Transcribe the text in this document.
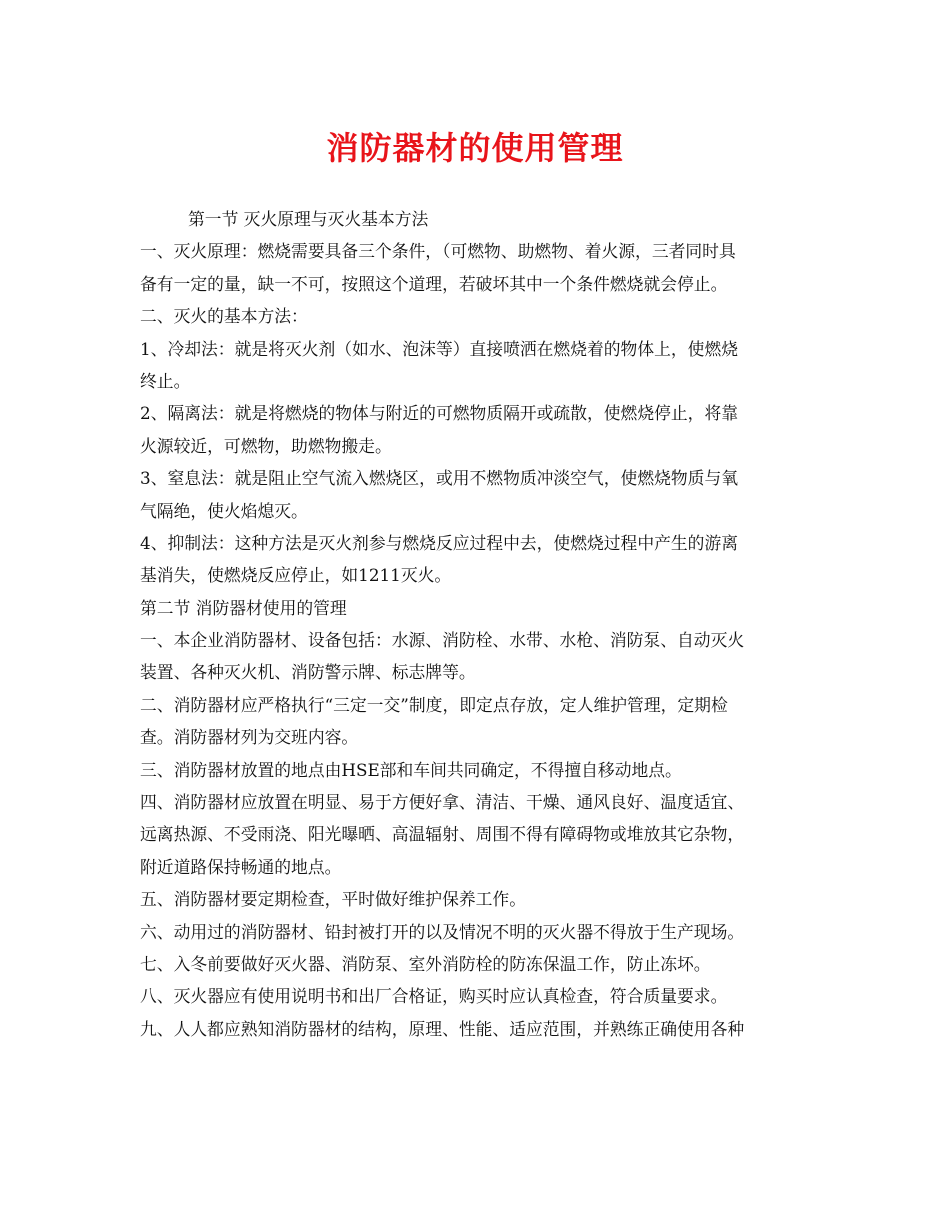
消防器材的使用管理
第一节 灭火原理与灭火基本方法
一、灭火原理：燃烧需要具备三个条件，（可燃物、助燃物、着火源，三者同时具
备有一定的量，缺一不可，按照这个道理，若破坏其中一个条件燃烧就会停止。
二、灭火的基本方法：
1、冷却法：就是将灭火剂（如水、泡沫等）直接喷洒在燃烧着的物体上，使燃烧
终止。
2、隔离法：就是将燃烧的物体与附近的可燃物质隔开或疏散，使燃烧停止，将靠
火源较近，可燃物，助燃物搬走。
3、窒息法：就是阻止空气流入燃烧区，或用不燃物质冲淡空气，使燃烧物质与氧
气隔绝，使火焰熄灭。
4、抑制法：这种方法是灭火剂参与燃烧反应过程中去，使燃烧过程中产生的游离
基消失，使燃烧反应停止，如1211灭火。
第二节 消防器材使用的管理
一、本企业消防器材、设备包括：水源、消防栓、水带、水枪、消防泵、自动灭火
装置、各种灭火机、消防警示牌、标志牌等。
二、消防器材应严格执行“三定一交”制度，即定点存放，定人维护管理，定期检
查。消防器材列为交班内容。
三、消防器材放置的地点由HSE部和车间共同确定，不得擅自移动地点。
四、消防器材应放置在明显、易于方便好拿、清洁、干燥、通风良好、温度适宜、
远离热源、不受雨浇、阳光曝晒、高温辐射、周围不得有障碍物或堆放其它杂物，
附近道路保持畅通的地点。
五、消防器材要定期检查，平时做好维护保养工作。
六、动用过的消防器材、铅封被打开的以及情况不明的灭火器不得放于生产现场。
七、入冬前要做好灭火器、消防泵、室外消防栓的防冻保温工作，防止冻坏。
八、灭火器应有使用说明书和出厂合格证，购买时应认真检查，符合质量要求。
九、人人都应熟知消防器材的结构，原理、性能、适应范围，并熟练正确使用各种
